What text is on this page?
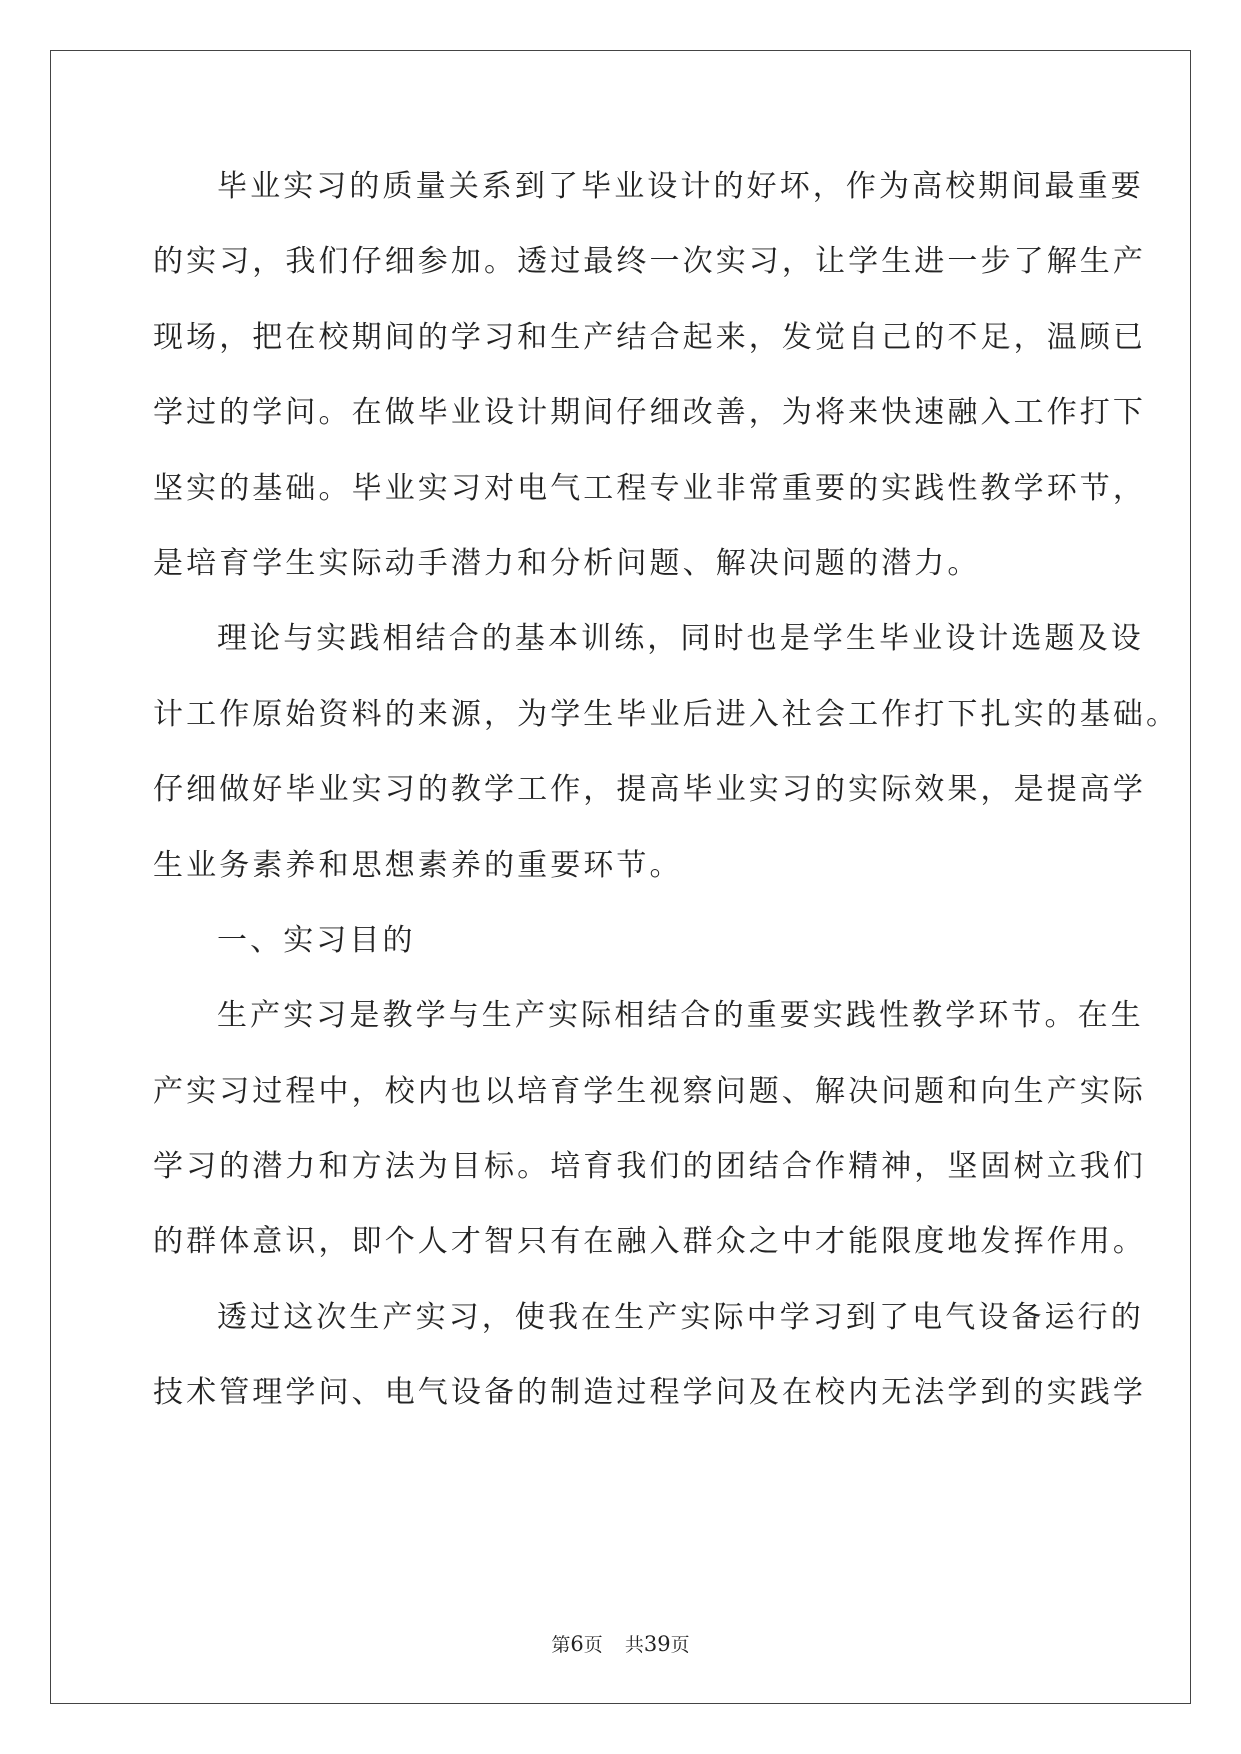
毕业实习的质量关系到了毕业设计的好坏，作为高校期间最重要
的实习，我们仔细参加。透过最终一次实习，让学生进一步了解生产
现场，把在校期间的学习和生产结合起来，发觉自己的不足，温顾已
学过的学问。在做毕业设计期间仔细改善，为将来快速融入工作打下
坚实的基础。毕业实习对电气工程专业非常重要的实践性教学环节，
是培育学生实际动手潜力和分析问题、解决问题的潜力。
理论与实践相结合的基本训练，同时也是学生毕业设计选题及设
计工作原始资料的来源，为学生毕业后进入社会工作打下扎实的基础。
仔细做好毕业实习的教学工作，提高毕业实习的实际效果，是提高学
生业务素养和思想素养的重要环节。
一、实习目的
生产实习是教学与生产实际相结合的重要实践性教学环节。在生
产实习过程中，校内也以培育学生视察问题、解决问题和向生产实际
学习的潜力和方法为目标。培育我们的团结合作精神，坚固树立我们
的群体意识，即个人才智只有在融入群众之中才能限度地发挥作用。
透过这次生产实习，使我在生产实际中学习到了电气设备运行的
技术管理学问、电气设备的制造过程学问及在校内无法学到的实践学
第6页 共39页
